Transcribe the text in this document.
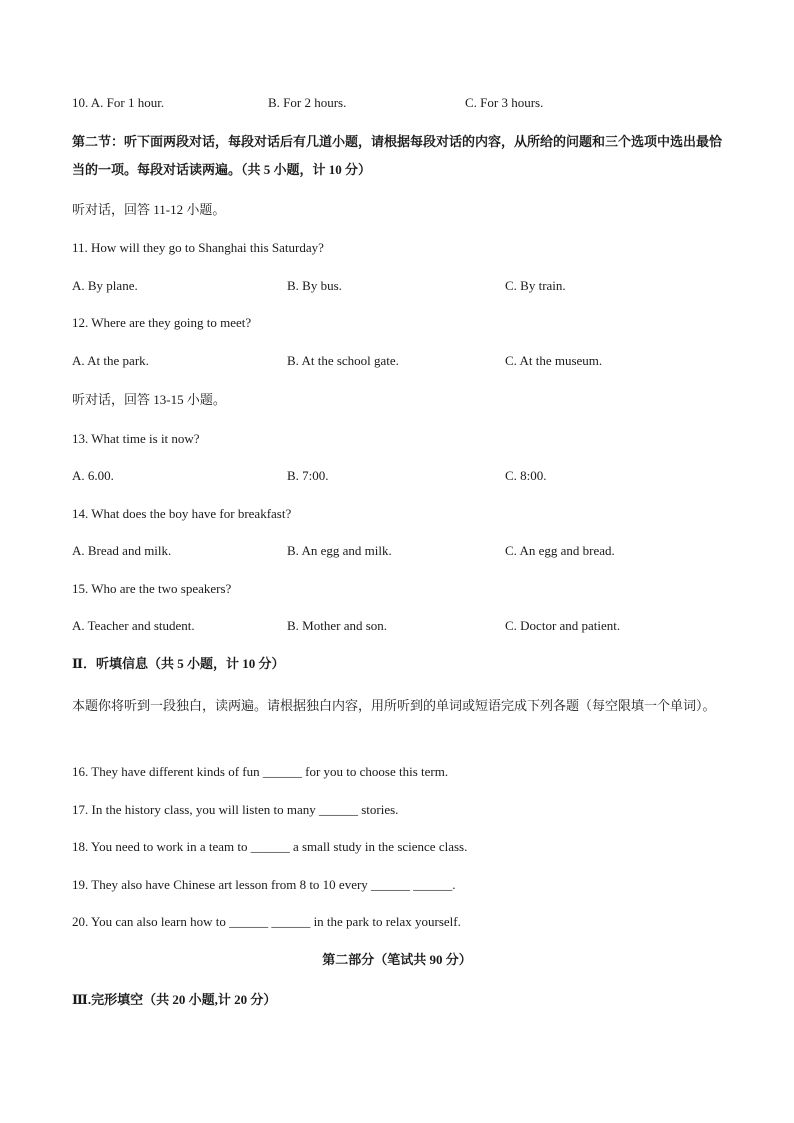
10. A. For 1 hour.	B. For 2 hours.	C. For 3 hours.
第二节：听下面两段对话，每段对话后有几道小题，请根据每段对话的内容，从所给的问题和三个选项中选出最恰当的一项。每段对话读两遍。（共 5 小题，计 10 分）
听对话，回答 11-12 小题。
11. How will they go to Shanghai this Saturday?
A. By plane.	B. By bus.	C. By train.
12. Where are they going to meet?
A. At the park.	B. At the school gate.	C. At the museum.
听对话，回答 13-15 小题。
13. What time is it now?
A. 6.00.	B. 7:00.	C. 8:00.
14. What does the boy have for breakfast?
A. Bread and milk.	B. An egg and milk.	C. An egg and bread.
15. Who are the two speakers?
A. Teacher and student.	B. Mother and son.	C. Doctor and patient.
Ⅱ．听填信息（共 5 小题，计 10 分）
本题你将听到一段独白，读两遍。请根据独白内容，用所听到的单词或短语完成下列各题（每空限填一个单词）。
16. They have different kinds of fun ______ for you to choose this term.
17. In the history class, you will listen to many ______ stories.
18. You need to work in a team to ______ a small study in the science class.
19. They also have Chinese art lesson from 8 to 10 every ______ ______.
20. You can also learn how to ______ ______ in the park to relax yourself.
第二部分（笔试共 90 分）
Ⅲ.完形填空（共 20 小题,计 20 分）
